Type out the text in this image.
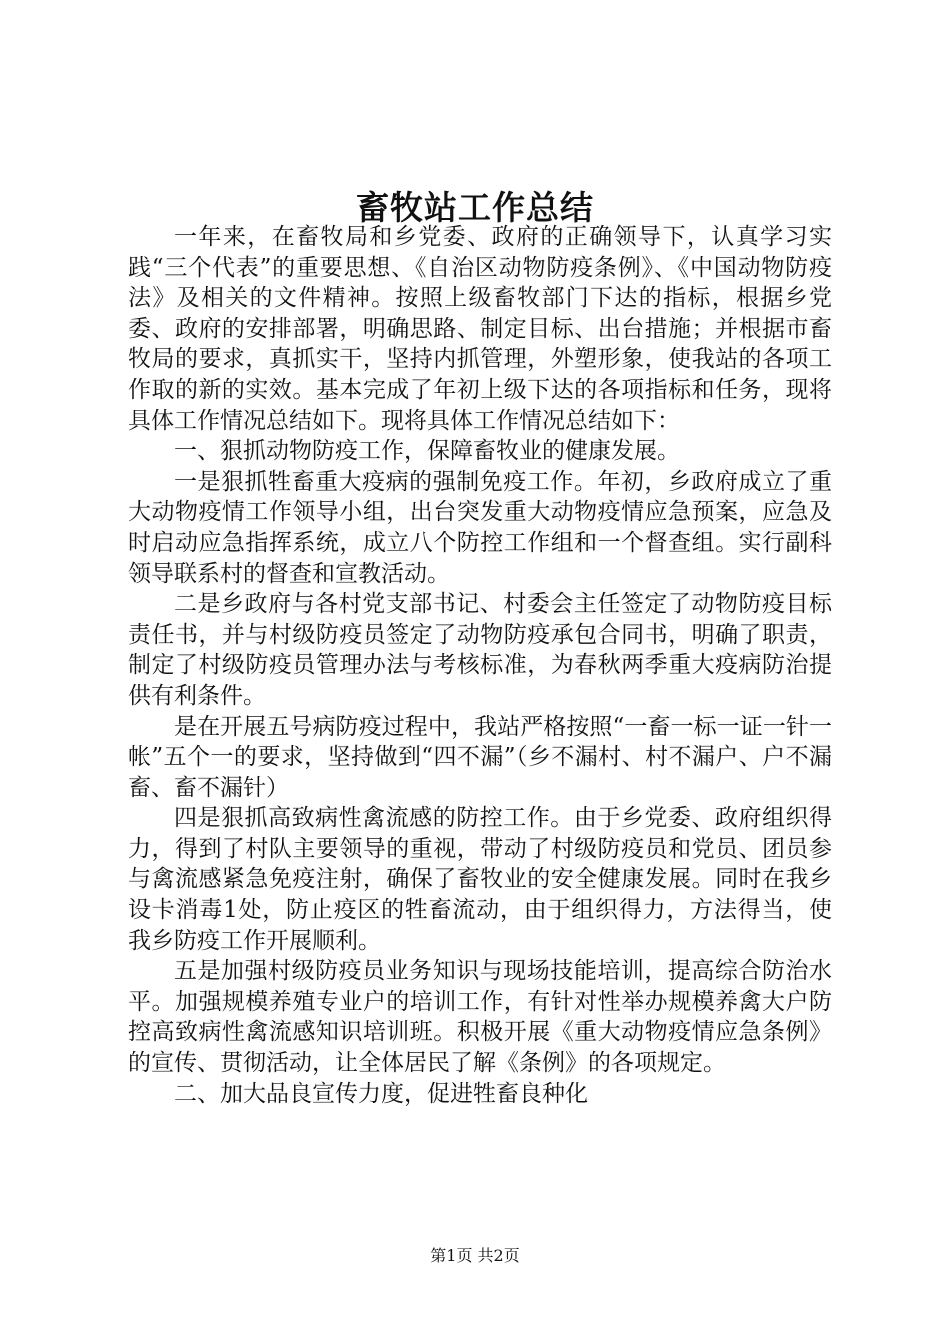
畜牧站工作总结

一年来，在畜牧局和乡党委、政府的正确领导下，认真学习实践“三个代表”的重要思想、《自治区动物防疫条例》、《中国动物防疫法》及相关的文件精神。按照上级畜牧部门下达的指标，根据乡党委、政府的安排部署，明确思路、制定目标、出台措施；并根据市畜牧局的要求，真抓实干，坚持内抓管理，外塑形象，使我站的各项工作取的新的实效。基本完成了年初上级下达的各项指标和任务，现将具体工作情况总结如下。现将具体工作情况总结如下：

一、狠抓动物防疫工作，保障畜牧业的健康发展。

一是狠抓牲畜重大疫病的强制免疫工作。年初，乡政府成立了重大动物疫情工作领导小组，出台突发重大动物疫情应急预案，应急及时启动应急指挥系统，成立八个防控工作组和一个督查组。实行副科领导联系村的督查和宣教活动。

二是乡政府与各村党支部书记、村委会主任签定了动物防疫目标责任书，并与村级防疫员签定了动物防疫承包合同书，明确了职责，制定了村级防疫员管理办法与考核标准，为春秋两季重大疫病防治提供有利条件。

是在开展五号病防疫过程中，我站严格按照“一畜一标一证一针一帐”五个一的要求，坚持做到“四不漏”（乡不漏村、村不漏户、户不漏畜、畜不漏针）

四是狠抓高致病性禽流感的防控工作。由于乡党委、政府组织得力，得到了村队主要领导的重视，带动了村级防疫员和党员、团员参与禽流感紧急免疫注射，确保了畜牧业的安全健康发展。同时在我乡设卡消毒1处，防止疫区的牲畜流动，由于组织得力，方法得当，使我乡防疫工作开展顺利。

五是加强村级防疫员业务知识与现场技能培训，提高综合防治水平。加强规模养殖专业户的培训工作，有针对性举办规模养禽大户防控高致病性禽流感知识培训班。积极开展《重大动物疫情应急条例》的宣传、贯彻活动，让全体居民了解《条例》的各项规定。

二、加大品良宣传力度，促进牲畜良种化

第1页 共2页
